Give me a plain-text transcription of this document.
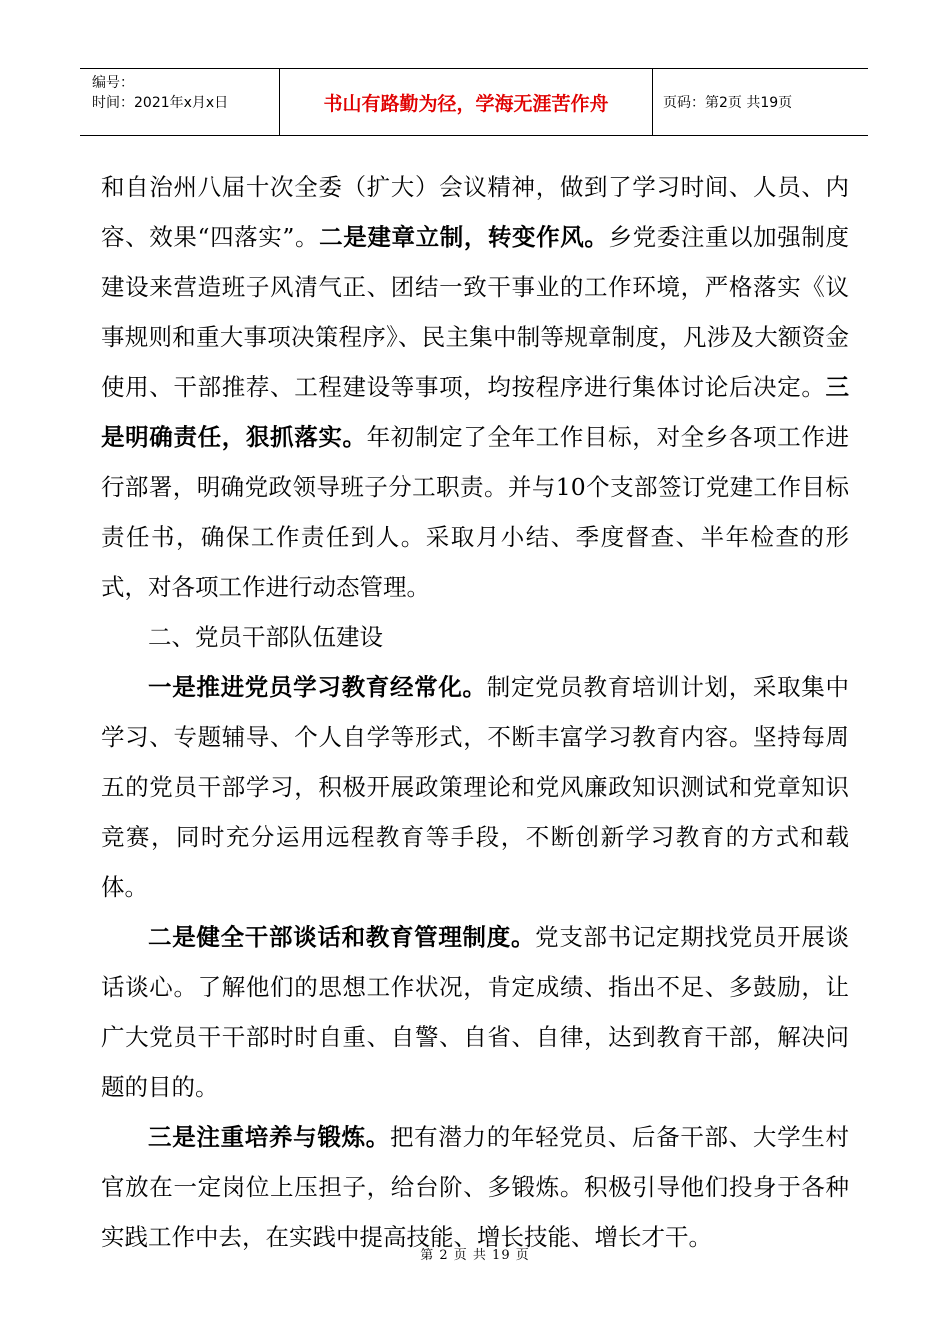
编号：
时间：2021年x月x日	书山有路勤为径，学海无涯苦作舟	页码：第2页 共19页

和自治州八届十次全委（扩大）会议精神，做到了学习时间、人员、内容、效果“四落实”。二是建章立制，转变作风。乡党委注重以加强制度建设来营造班子风清气正、团结一致干事业的工作环境，严格落实《议事规则和重大事项决策程序》、民主集中制等规章制度，凡涉及大额资金使用、干部推荐、工程建设等事项，均按程序进行集体讨论后决定。三是明确责任，狠抓落实。年初制定了全年工作目标，对全乡各项工作进行部署，明确党政领导班子分工职责。并与10个支部签订党建工作目标责任书，确保工作责任到人。采取月小结、季度督查、半年检查的形式，对各项工作进行动态管理。

二、党员干部队伍建设

一是推进党员学习教育经常化。制定党员教育培训计划，采取集中学习、专题辅导、个人自学等形式，不断丰富学习教育内容。坚持每周五的党员干部学习，积极开展政策理论和党风廉政知识测试和党章知识竞赛，同时充分运用远程教育等手段，不断创新学习教育的方式和载体。

二是健全干部谈话和教育管理制度。党支部书记定期找党员开展谈话谈心。了解他们的思想工作状况，肯定成绩、指出不足、多鼓励，让广大党员干干部时时自重、自警、自省、自律，达到教育干部，解决问题的目的。

三是注重培养与锻炼。把有潜力的年轻党员、后备干部、大学生村官放在一定岗位上压担子，给台阶、多锻炼。积极引导他们投身于各种实践工作中去，在实践中提高技能、增长技能、增长才干。

第 2 页 共 19 页
